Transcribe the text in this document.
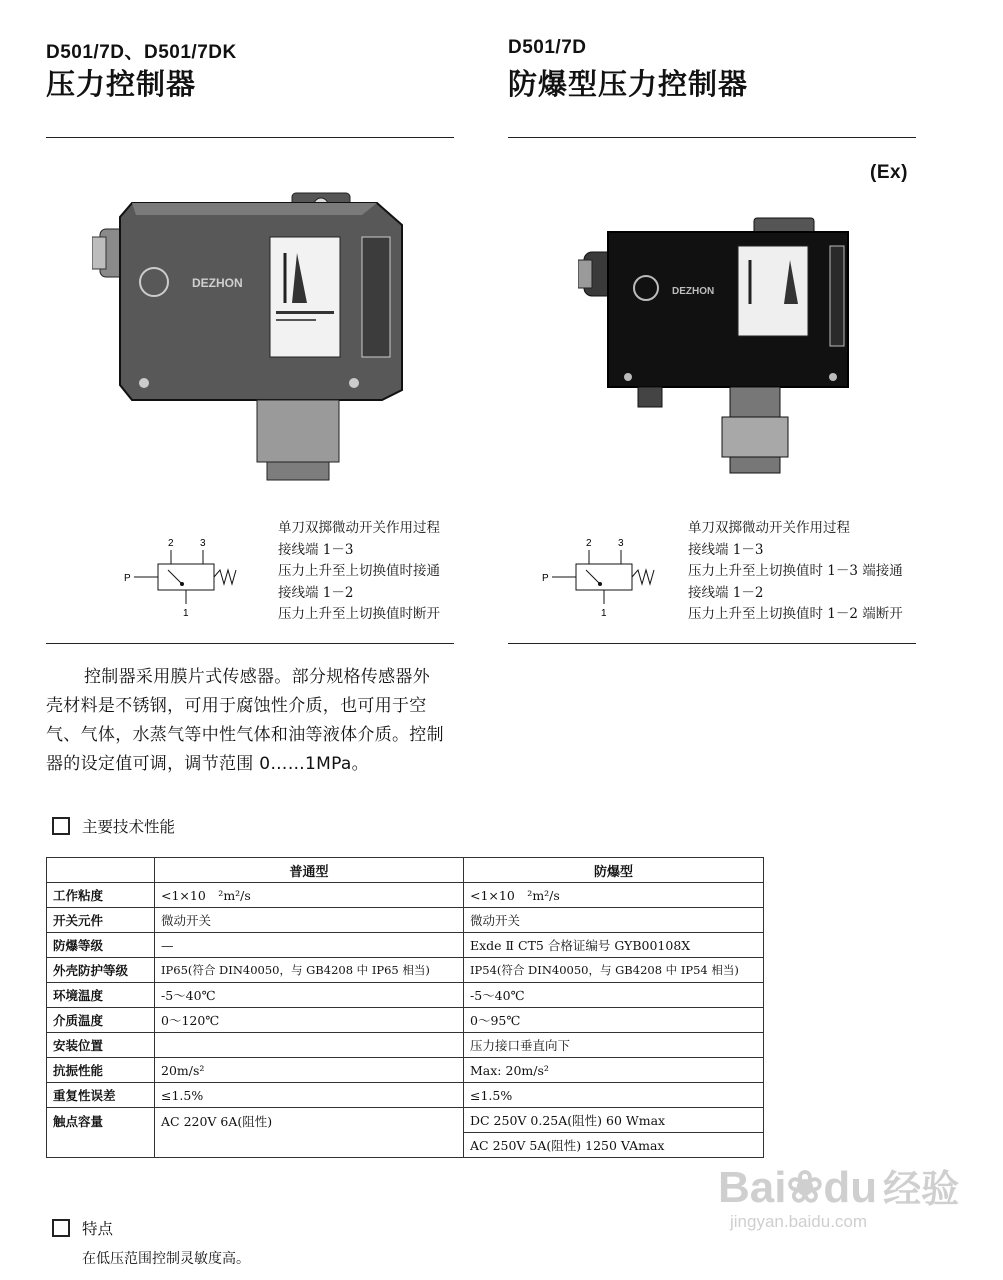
D501/7D、D501/7DK
压力控制器
D501/7D
防爆型压力控制器
(Ex)
DEZHON
DEZHON
2	3
P
1
单刀双掷微动开关作用过程
接线端 1－3
压力上升至上切换值时接通
接线端 1－2
压力上升至上切换值时断开
2	3
P
1
单刀双掷微动开关作用过程
接线端 1－3
压力上升至上切换值时 1－3 端接通
接线端 1－2
压力上升至上切换值时 1－2 端断开
控制器采用膜片式传感器。部分规格传感器外
壳材料是不锈钢，可用于腐蚀性介质，也可用于空
气、气体，水蒸气等中性气体和油等液体介质。控制
器的设定值可调，调节范围 0……1MPa。
主要技术性能
	普通型	防爆型
工作粘度	<1×10　²m²/s	<1×10　²m²/s
开关元件	微动开关	微动开关
防爆等级	—	Exde Ⅱ CT5 合格证编号 GYB00108X
外壳防护等级	IP65(符合 DIN40050，与 GB4208 中 IP65 相当)	IP54(符合 DIN40050，与 GB4208 中 IP54 相当)
环境温度	-5～40℃	-5～40℃
介质温度	0～120℃	0～95℃
安装位置		压力接口垂直向下
抗振性能	20m/s²	Max: 20m/s²
重复性误差	≤1.5%	≤1.5%
触点容量	AC 220V 6A(阻性)	DC 250V 0.25A(阻性) 60 Wmax
		AC 250V 5A(阻性) 1250 VAmax
特点
在低压范围控制灵敏度高。
Bai❀du 经验
jingyan.baidu.com
